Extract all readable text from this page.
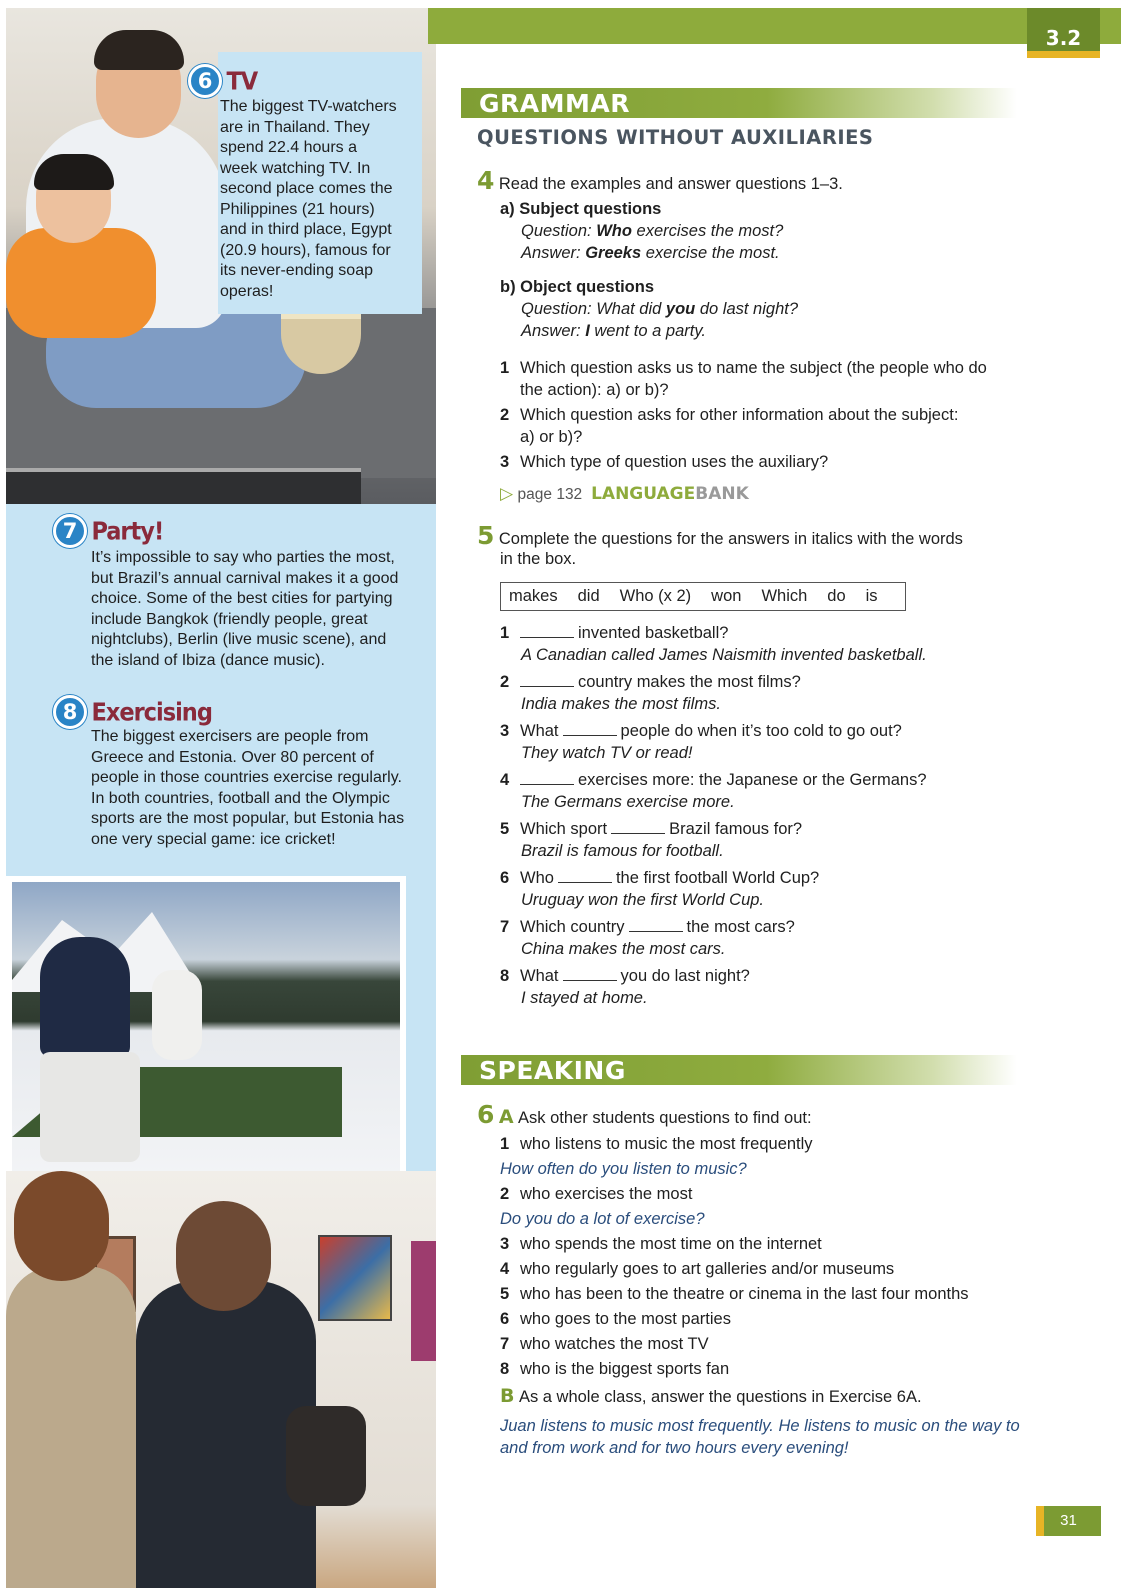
6 TV
The biggest TV-watchers
are in Thailand. They
spend 22.4 hours a
week watching TV. In
second place comes the
Philippines (21 hours)
and in third place, Egypt
(20.9 hours), famous for
its never-ending soap
operas!
7 Party!
It’s impossible to say who parties the most,
but Brazil’s annual carnival makes it a good
choice. Some of the best cities for partying
include Bangkok (friendly people, great
nightclubs), Berlin (live music scene), and
the island of Ibiza (dance music).
8 Exercising
The biggest exercisers are people from
Greece and Estonia. Over 80 percent of
people in those countries exercise regularly.
In both countries, football and the Olympic
sports are the most popular, but Estonia has
one very special game: ice cricket!
3.2
GRAMMAR
QUESTIONS WITHOUT AUXILIARIES
4 Read the examples and answer questions 1–3.
a) Subject questions
Question: Who exercises the most?
Answer: Greeks exercise the most.
b) Object questions
Question: What did you do last night?
Answer: I went to a party.
1 Which question asks us to name the subject (the people who do
the action): a) or b)?
2 Which question asks for other information about the subject:
a) or b)?
3 Which type of question uses the auxiliary?
▷ page 132 LANGUAGEBANK
5 Complete the questions for the answers in italics with the words
in the box.
makes did Who (x 2) won Which do is
1	invented basketball?
A Canadian called James Naismith invented basketball.
2	country makes the most films?
India makes the most films.
3 What	people do when it’s too cold to go out?
They watch TV or read!
4	exercises more: the Japanese or the Germans?
The Germans exercise more.
5 Which sport	Brazil famous for?
Brazil is famous for football.
6 Who	the first football World Cup?
Uruguay won the first World Cup.
7 Which country	the most cars?
China makes the most cars.
8 What	you do last night?
I stayed at home.
SPEAKING
6 A Ask other students questions to find out:
1 who listens to music the most frequently
How often do you listen to music?
2 who exercises the most
Do you do a lot of exercise?
3 who spends the most time on the internet
4 who regularly goes to art galleries and/or museums
5 who has been to the theatre or cinema in the last four months
6 who goes to the most parties
7 who watches the most TV
8 who is the biggest sports fan
B As a whole class, answer the questions in Exercise 6A.
Juan listens to music most frequently. He listens to music on the way to
and from work and for two hours every evening!
31
